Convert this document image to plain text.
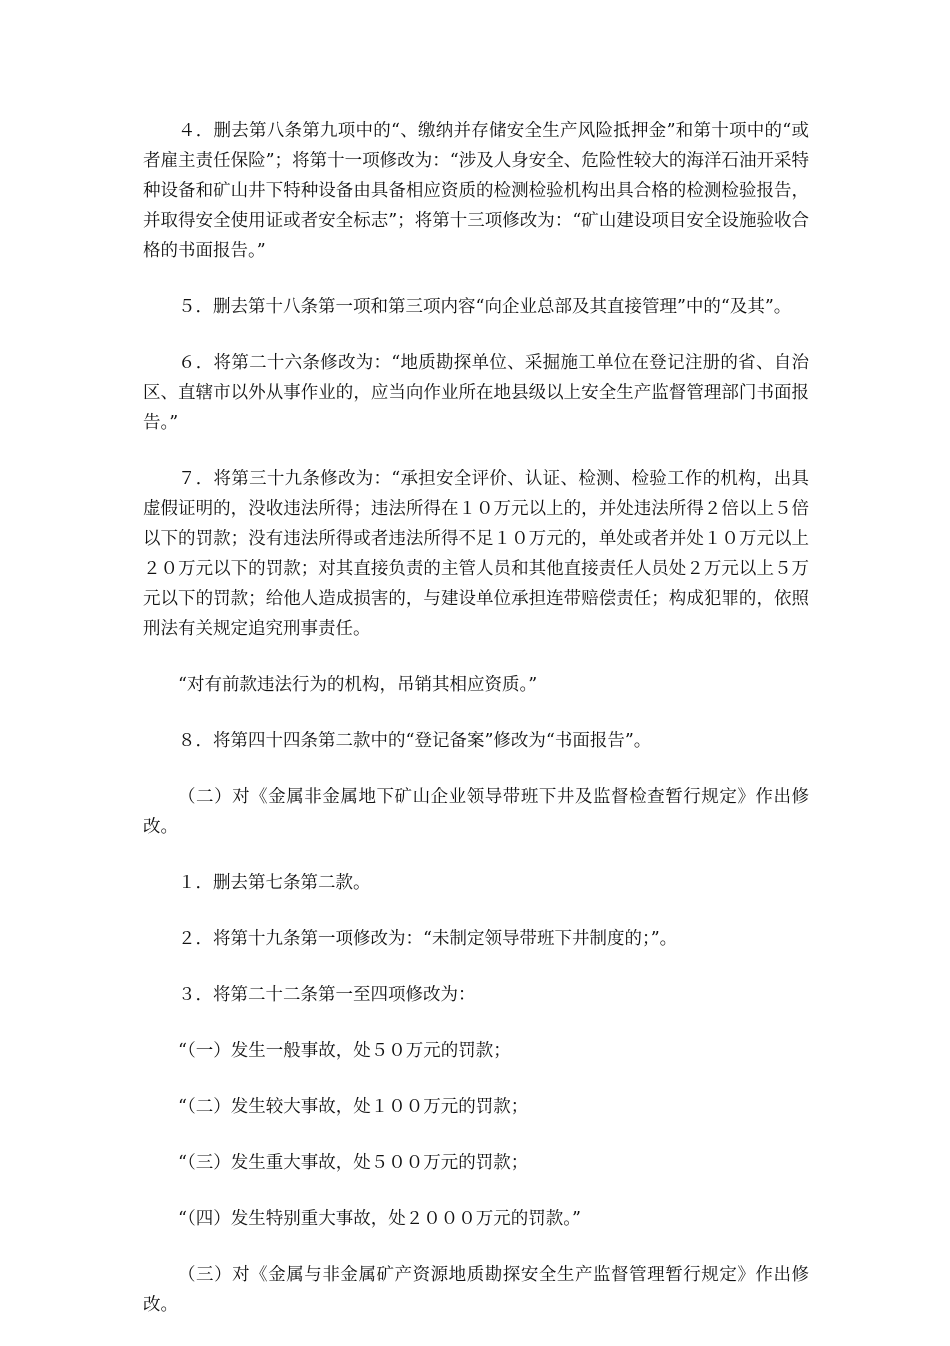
４．删去第八条第九项中的“、缴纳并存储安全生产风险抵押金”和第十项中的“或者雇主责任保险”；将第十一项修改为：“涉及人身安全、危险性较大的海洋石油开采特种设备和矿山井下特种设备由具备相应资质的检测检验机构出具合格的检测检验报告，并取得安全使用证或者安全标志”；将第十三项修改为：“矿山建设项目安全设施验收合格的书面报告。”

５．删去第十八条第一项和第三项内容“向企业总部及其直接管理”中的“及其”。

６．将第二十六条修改为：“地质勘探单位、采掘施工单位在登记注册的省、自治区、直辖市以外从事作业的，应当向作业所在地县级以上安全生产监督管理部门书面报告。”

７．将第三十九条修改为：“承担安全评价、认证、检测、检验工作的机构，出具虚假证明的，没收违法所得；违法所得在１０万元以上的，并处违法所得２倍以上５倍以下的罚款；没有违法所得或者违法所得不足１０万元的，单处或者并处１０万元以上２０万元以下的罚款；对其直接负责的主管人员和其他直接责任人员处２万元以上５万元以下的罚款；给他人造成损害的，与建设单位承担连带赔偿责任；构成犯罪的，依照刑法有关规定追究刑事责任。

“对有前款违法行为的机构，吊销其相应资质。”

８．将第四十四条第二款中的“登记备案”修改为“书面报告”。

（二）对《金属非金属地下矿山企业领导带班下井及监督检查暂行规定》作出修改。

１．删去第七条第二款。

２．将第十九条第一项修改为：“未制定领导带班下井制度的；”。

３．将第二十二条第一至四项修改为：

“（一）发生一般事故，处５０万元的罚款；

“（二）发生较大事故，处１００万元的罚款；

“（三）发生重大事故，处５００万元的罚款；

“（四）发生特别重大事故，处２０００万元的罚款。”

（三）对《金属与非金属矿产资源地质勘探安全生产监督管理暂行规定》作出修改。
